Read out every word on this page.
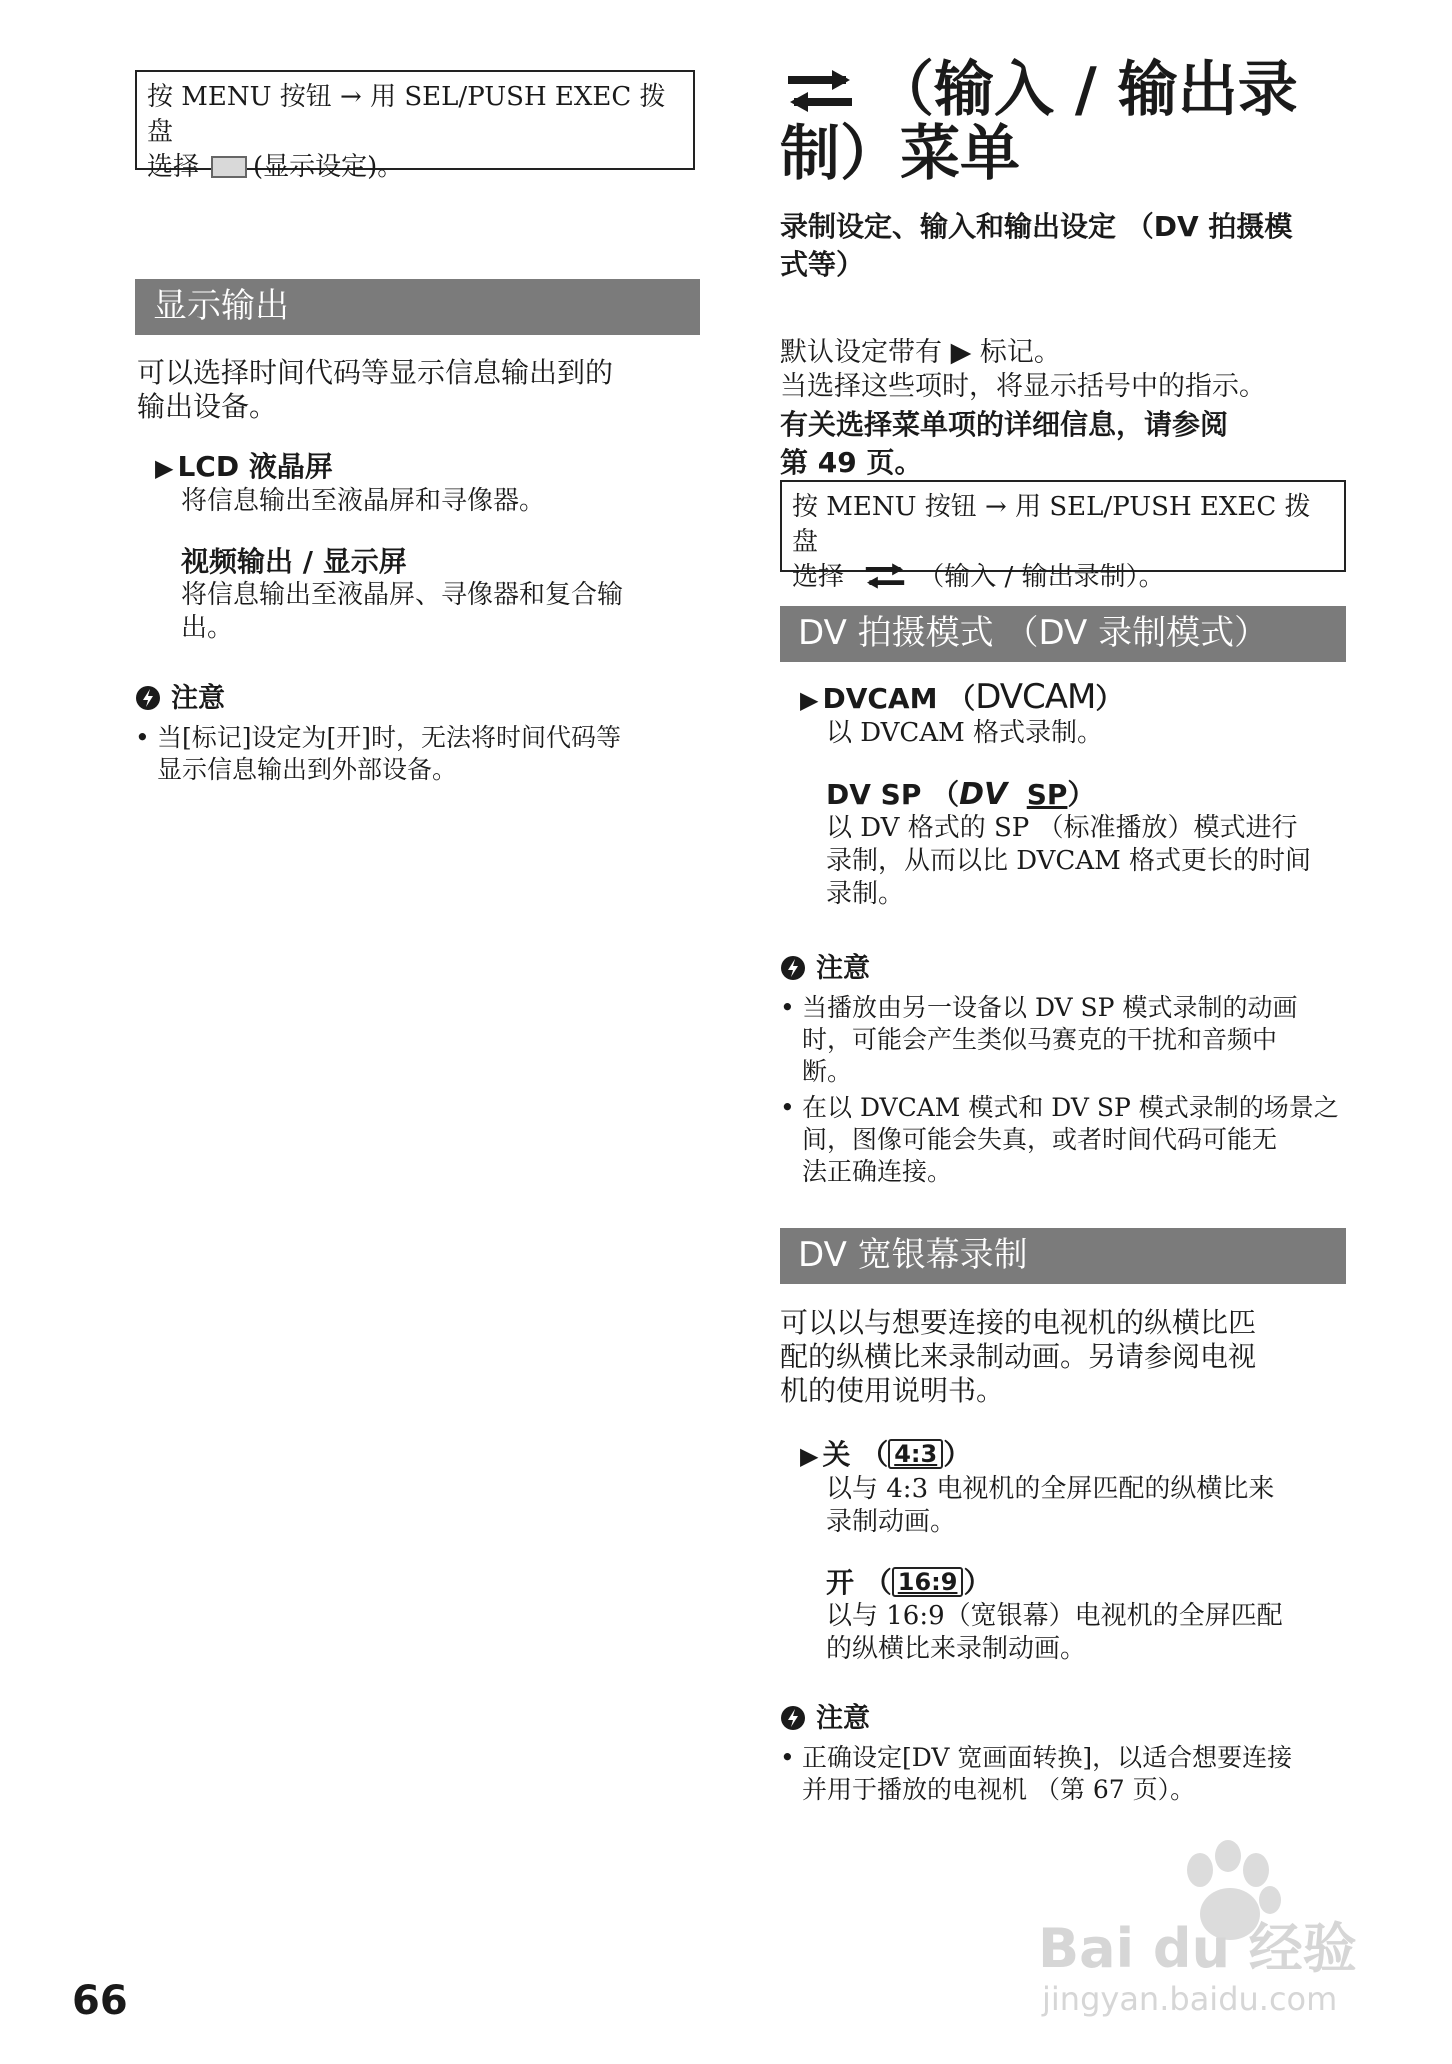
按 MENU 按钮 → 用 SEL/PUSH EXEC 拨盘
选择 (显示设定)。
显示输出
可以选择时间代码等显示信息输出到的
输出设备。
▶ LCD 液晶屏
将信息输出至液晶屏和寻像器。
视频输出 / 显示屏
将信息输出至液晶屏、寻像器和复合输
出。
注意
• 当[标记]设定为[开]时，无法将时间代码等
显示信息输出到外部设备。
（输入 / 输出录
制）菜单
录制设定、输入和输出设定 （DV 拍摄模
式等）
默认设定带有 ▶ 标记。
当选择这些项时，将显示括号中的指示。
有关选择菜单项的详细信息，请参阅
第 49 页。
按 MENU 按钮 → 用 SEL/PUSH EXEC 拨盘
选择	（输入 / 输出录制）。
DV 拍摄模式 （DV 录制模式）
▶ DVCAM （DVCAM）
以 DVCAM 格式录制。
DV SP （DV SP）
以 DV 格式的 SP （标准播放）模式进行
录制，从而以比 DVCAM 格式更长的时间
录制。
注意
• 当播放由另一设备以 DV SP 模式录制的动画
时，可能会产生类似马赛克的干扰和音频中
断。
• 在以 DVCAM 模式和 DV SP 模式录制的场景之
间，图像可能会失真，或者时间代码可能无
法正确连接。
DV 宽银幕录制
可以以与想要连接的电视机的纵横比匹
配的纵横比来录制动画。另请参阅电视
机的使用说明书。
▶ 关 （ 4:3 ）
以与 4:3 电视机的全屏匹配的纵横比来
录制动画。
开 （ 16:9 ）
以与 16:9（宽银幕）电视机的全屏匹配
的纵横比来录制动画。
注意
• 正确设定[DV 宽画面转换]，以适合想要连接
并用于播放的电视机 （第 67 页）。
66
Bai du 经验
jingyan.baidu.com
